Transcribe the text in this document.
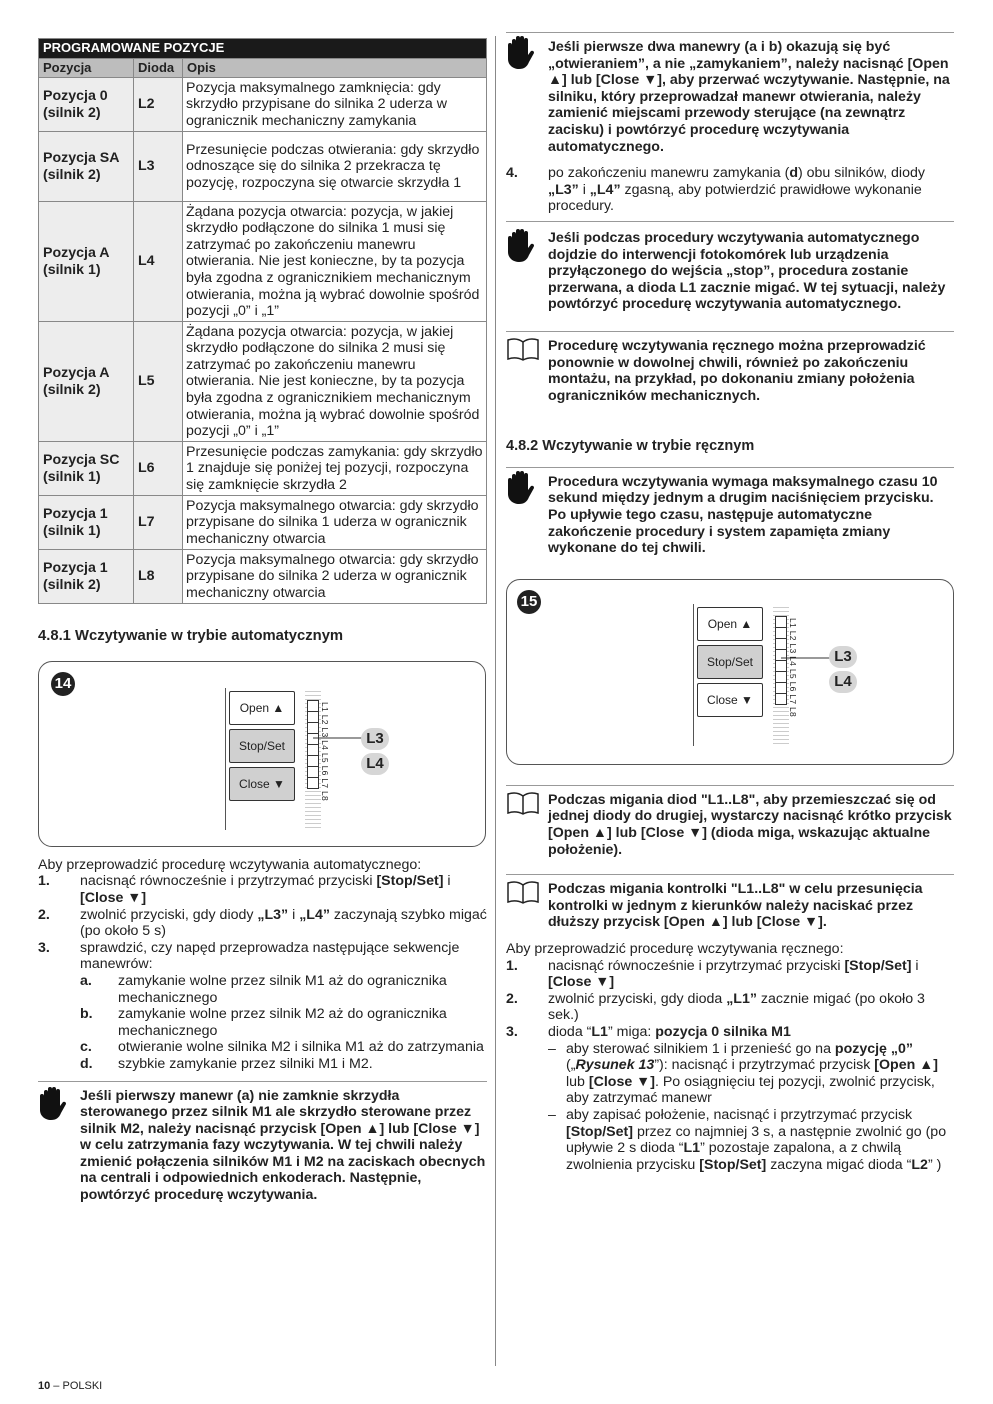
PROGRAMOWANE POZYCJE		
Pozycja	Dioda	Opis
Pozycja 0 (silnik 2)	L2	Pozycja maksymalnego zamknięcia: gdy skrzydło przypisane do silnika 2 uderza w ogranicznik mechaniczny zamykania
Pozycja SA (silnik 2)	L3	Przesunięcie podczas otwierania: gdy skrzydło odnoszące się do silnika 2 przekracza tę pozycję, rozpoczyna się otwarcie skrzydła 1
Pozycja A (silnik 1)	L4	Żądana pozycja otwarcia: pozycja, w jakiej skrzydło podłączone do silnika 1 musi się zatrzymać po zakończeniu manewru otwierania. Nie jest konieczne, by ta pozycja była zgodna z ogranicznikiem mechanicznym otwierania, można ją wybrać dowolnie spośród pozycji „0” i „1”
Pozycja A (silnik 2)	L5	Żądana pozycja otwarcia: pozycja, w jakiej skrzydło podłączone do silnika 2 musi się zatrzymać po zakończeniu manewru otwierania. Nie jest konieczne, by ta pozycja była zgodna z ogranicznikiem mechanicznym otwierania, można ją wybrać dowolnie spośród pozycji „0” i „1”
Pozycja SC (silnik 1)	L6	Przesunięcie podczas zamykania: gdy skrzydło 1 znajduje się poniżej tej pozycji, rozpoczyna się zamknięcie skrzydła 2
Pozycja 1 (silnik 1)	L7	Pozycja maksymalnego otwarcia: gdy skrzydło przypisane do silnika 1 uderza w ogranicznik mechaniczny otwarcia
Pozycja 1 (silnik 2)	L8	Pozycja maksymalnego otwarcia: gdy skrzydło przypisane do silnika 2 uderza w ogranicznik mechaniczny otwarcia
4.8.1 Wczytywanie w trybie automatycznym
14
Open ▲
Stop/Set
Close ▼	L1 L2 L3 L4 L5 L6 L7 L8	L3
L4

Aby przeprowadzić procedurę wczytywania automatycznego:

1. nacisnąć równocześnie i przytrzymać przyciski [Stop/Set] i [Close ▼]
2. zwolnić przyciski, gdy diody „L3” i „L4” zaczynają szybko migać (po około 5 s)
3. sprawdzić, czy napęd przeprowadza następujące sekwencje manewrów:
a. zamykanie wolne przez silnik M1 aż do ogranicznika mechanicznego
b. zamykanie wolne przez silnik M2 aż do ogranicznika mechanicznego
c. otwieranie wolne silnika M2 i silnika M1 aż do zatrzymania
d. szybkie zamykanie przez silniki M1 i M2.
Jeśli pierwszy manewr (a) nie zamknie skrzydła sterowanego przez silnik M1 ale skrzydło sterowane przez silnik M2, należy nacisnąć przycisk [Open ▲] lub [Close ▼] w celu zatrzymania fazy wczytywania. W tej chwili należy zmienić połączenia silników M1 i M2 na zaciskach obecnych na centrali i odpowiednich enkoderach. Następnie, powtórzyć procedurę wczytywania.
Jeśli pierwsze dwa manewry (a i b) okazują się być „otwieraniem”, a nie „zamykaniem”, należy nacisnąć [Open ▲] lub [Close ▼], aby przerwać wczytywanie. Następnie, na silniku, który przeprowadzał manewr otwierania, należy zamienić miejscami przewody sterujące (na zewnątrz zacisku) i powtórzyć procedurę wczytywania automatycznego.
4. po zakończeniu manewru zamykania (d) obu silników, diody „L3” i „L4” zgasną, aby potwierdzić prawidłowe wykonanie procedury.
Jeśli podczas procedury wczytywania automatycznego dojdzie do interwencji fotokomórek lub urządzenia przyłączonego do wejścia „stop”, procedura zostanie przerwana, a dioda L1 zacznie migać. W tej sytuacji, należy powtórzyć procedurę wczytywania automatycznego.
Procedurę wczytywania ręcznego można przeprowadzić ponownie w dowolnej chwili, również po zakończeniu montażu, na przykład, po dokonaniu zmiany położenia ograniczników mechanicznych.
4.8.2 Wczytywanie w trybie ręcznym
Procedura wczytywania wymaga maksymalnego czasu 10 sekund między jednym a drugim naciśnięciem przycisku. Po upływie tego czasu, następuje automatyczne zakończenie procedury i system zapamięta zmiany wykonane do tej chwili.
15
Open ▲
Stop/Set
Close ▼	L1 L2 L3 L4 L5 L6 L7 L8	L3
L4
Podczas migania diod "L1..L8", aby przemieszczać się od jednej diody do drugiej, wystarczy nacisnąć krótko przycisk [Open ▲] lub [Close ▼] (dioda miga, wskazując aktualne położenie).
Podczas migania kontrolki "L1..L8" w celu przesunięcia kontrolki w jednym z kierunków należy naciskać przez dłuższy przycisk [Open ▲] lub [Close ▼].

Aby przeprowadzić procedurę wczytywania ręcznego:

1. nacisnąć równocześnie i przytrzymać przyciski [Stop/Set] i [Close ▼]
2. zwolnić przyciski, gdy dioda „L1” zacznie migać (po około 3 sek.)
3. dioda “L1” miga: pozycja 0 silnika M1
– aby sterować silnikiem 1 i przenieść go na pozycję „0” („Rysunek 13”): nacisnąć i przytrzymać przycisk [Open ▲] lub [Close ▼]. Po osiągnięciu tej pozycji, zwolnić przycisk, aby zatrzymać manewr
– aby zapisać położenie, nacisnąć i przytrzymać przycisk [Stop/Set] przez co najmniej 3 s, a następnie zwolnić go (po upływie 2 s dioda “L1” pozostaje zapalona, a z chwilą zwolnienia przycisku [Stop/Set] zaczyna migać dioda “L2” )
10 – POLSKI
